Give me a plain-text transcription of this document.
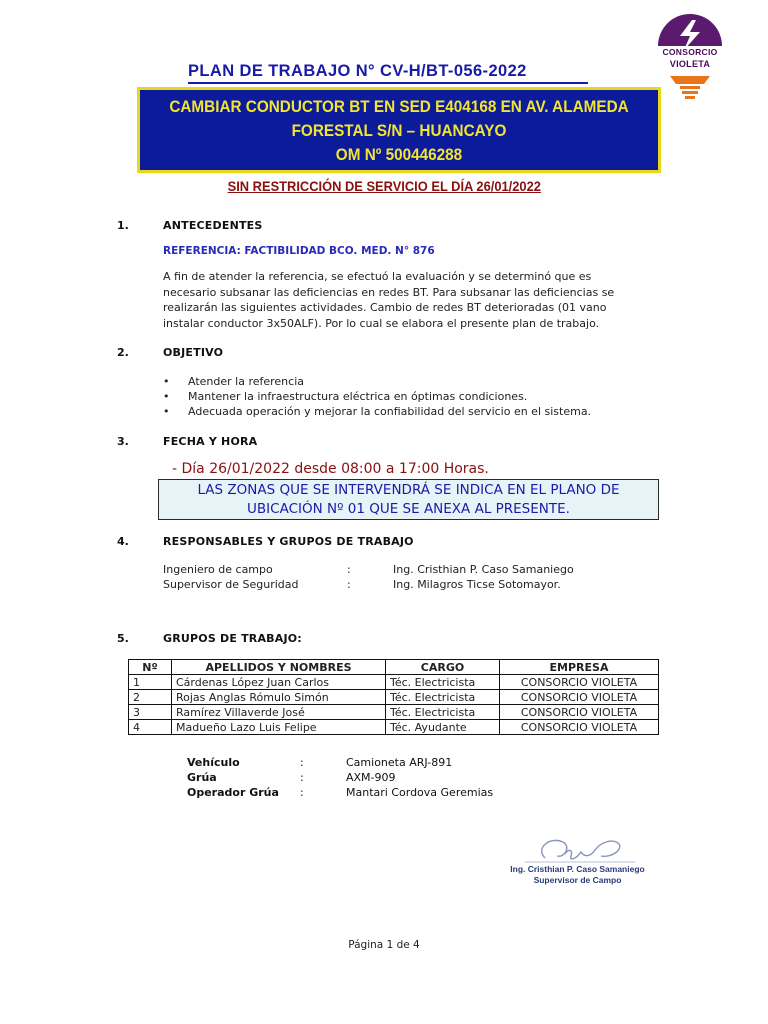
CONSORCIO
VIOLETA
PLAN DE TRABAJO N° CV-H/BT-056-2022
CAMBIAR CONDUCTOR BT EN SED E404168 EN AV. ALAMEDA
FORESTAL S/N – HUANCAYO
OM Nº 500446288
SIN RESTRICCIÓN DE SERVICIO EL DÍA 26/01/2022
1.	ANTECEDENTES
REFERENCIA: FACTIBILIDAD BCO. MED. N° 876
A fin de atender la referencia, se efectuó la evaluación y se determinó que es
necesario subsanar las deficiencias en redes BT. Para subsanar las deficiencias se
realizarán las siguientes actividades. Cambio de redes BT deterioradas (01 vano
instalar conductor 3x50ALF). Por lo cual se elabora el presente plan de trabajo.
2.	OBJETIVO
• Atender la referencia
• Mantener la infraestructura eléctrica en óptimas condiciones.
• Adecuada operación y mejorar la confiabilidad del servicio en el sistema.
3.	FECHA Y HORA
- Día 26/01/2022 desde 08:00 a 17:00 Horas.
LAS ZONAS QUE SE INTERVENDRÁ SE INDICA EN EL PLANO DE
UBICACIÓN Nº 01 QUE SE ANEXA AL PRESENTE.
4.	RESPONSABLES Y GRUPOS DE TRABAJO
Ingeniero de campo	:	Ing. Cristhian P. Caso Samaniego
Supervisor de Seguridad	:	Ing. Milagros Ticse Sotomayor.
5.	GRUPOS DE TRABAJO:
Nº	APELLIDOS Y NOMBRES	CARGO	EMPRESA
1	Cárdenas López Juan Carlos	Téc. Electricista	CONSORCIO VIOLETA
2	Rojas Anglas Rómulo Simón	Téc. Electricista	CONSORCIO VIOLETA
3	Ramírez Villaverde José	Téc. Electricista	CONSORCIO VIOLETA
4	Madueño Lazo Luis Felipe	Téc. Ayudante	CONSORCIO VIOLETA
Vehículo	:	Camioneta ARJ-891
Grúa	:	AXM-909
Operador Grúa :	Mantari Cordova Geremias
Ing. Cristhian P. Caso Samaniego
Supervisor de Campo
Página 1 de 4
